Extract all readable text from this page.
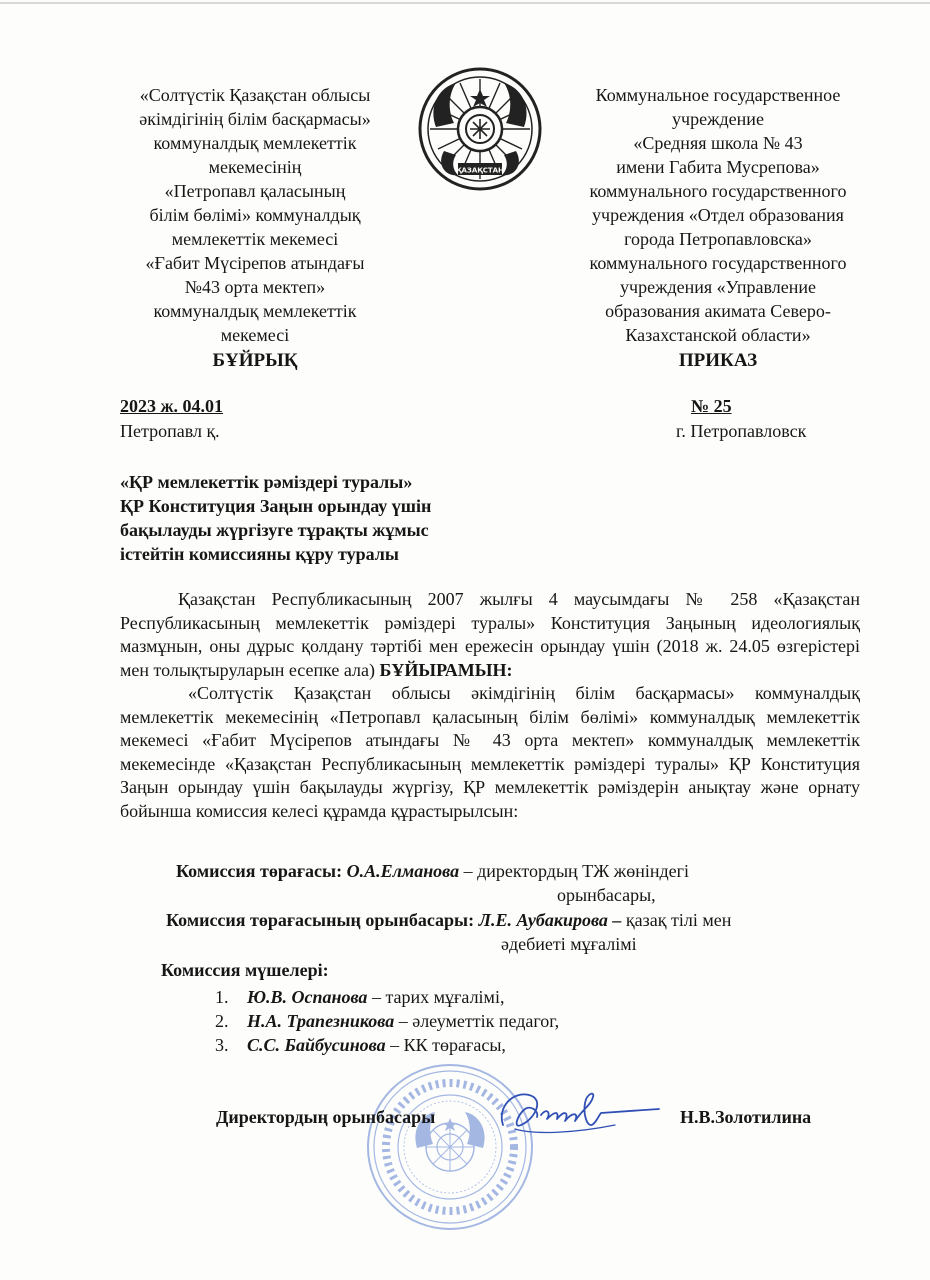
«Солтүстік Қазақстан облысы
әкімдігінің білім басқармасы»
коммуналдық мемлекеттік
мекемесінің
«Петропавл қаласының
білім бөлімі» коммуналдық
мемлекеттік мекемесі
«Ғабит Мүсірепов атындағы
№43 орта мектеп»
коммуналдық мемлекеттік
мекемесі
БҰЙРЫҚ
ҚАЗАҚСТАН
Коммунальное государственное
учреждение
«Средняя школа № 43
имени Габита Мусрепова»
коммунального государственного
учреждения «Отдел образования
города Петропавловска»
коммунального государственного
учреждения «Управление
образования акимата Северо-
Казахстанской области»
ПРИКАЗ
2023 ж. 04.01	№ 25
Петропавл қ.	г. Петропавловск
«ҚР мемлекеттік рәміздері туралы»
ҚР Конституция Заңын орындау үшін
бақылауды жүргізуге тұрақты жұмыс
істейтін комиссияны құру туралы

Қазақстан Республикасының 2007 жылғы 4 маусымдағы № 258 «Қазақстан Республикасының мемлекеттік рәміздері туралы» Конституция Заңының идеологиялық мазмұнын, оны дұрыс қолдану тәртібі мен ережесін орындау үшін (2018 ж. 24.05 өзгерістері мен толықтыруларын есепке ала) БҰЙЫРАМЫН:

«Солтүстік Қазақстан облысы әкімдігінің білім басқармасы» коммуналдық мемлекеттік мекемесінің «Петропавл қаласының білім бөлімі» коммуналдық мемлекеттік мекемесі «Ғабит Мүсірепов атындағы № 43 орта мектеп» коммуналдық мемлекеттік мекемесінде «Қазақстан Республикасының мемлекеттік рәміздері туралы» ҚР Конституция Заңын орындау үшін бақылауды жүргізу, ҚР мемлекеттік рәміздерін анықтау және орнату бойынша комиссия келесі құрамда құрастырылсын:

Комиссия төрағасы: О.А.Елманова – директордың ТЖ жөніндегі
орынбасары,
Комиссия төрағасының орынбасары: Л.Е. Аубакирова – қазақ тілі мен
әдебиеті мұғалімі
Комиссия мүшелері:
1.	Ю.В. Оспанова – тарих мұғалімі,
2.	Н.А. Трапезникова – әлеуметтік педагог,
3.	С.С. Байбусинова – КК төрағасы,
Директордың орынбасары	Н.В.Золотилина
